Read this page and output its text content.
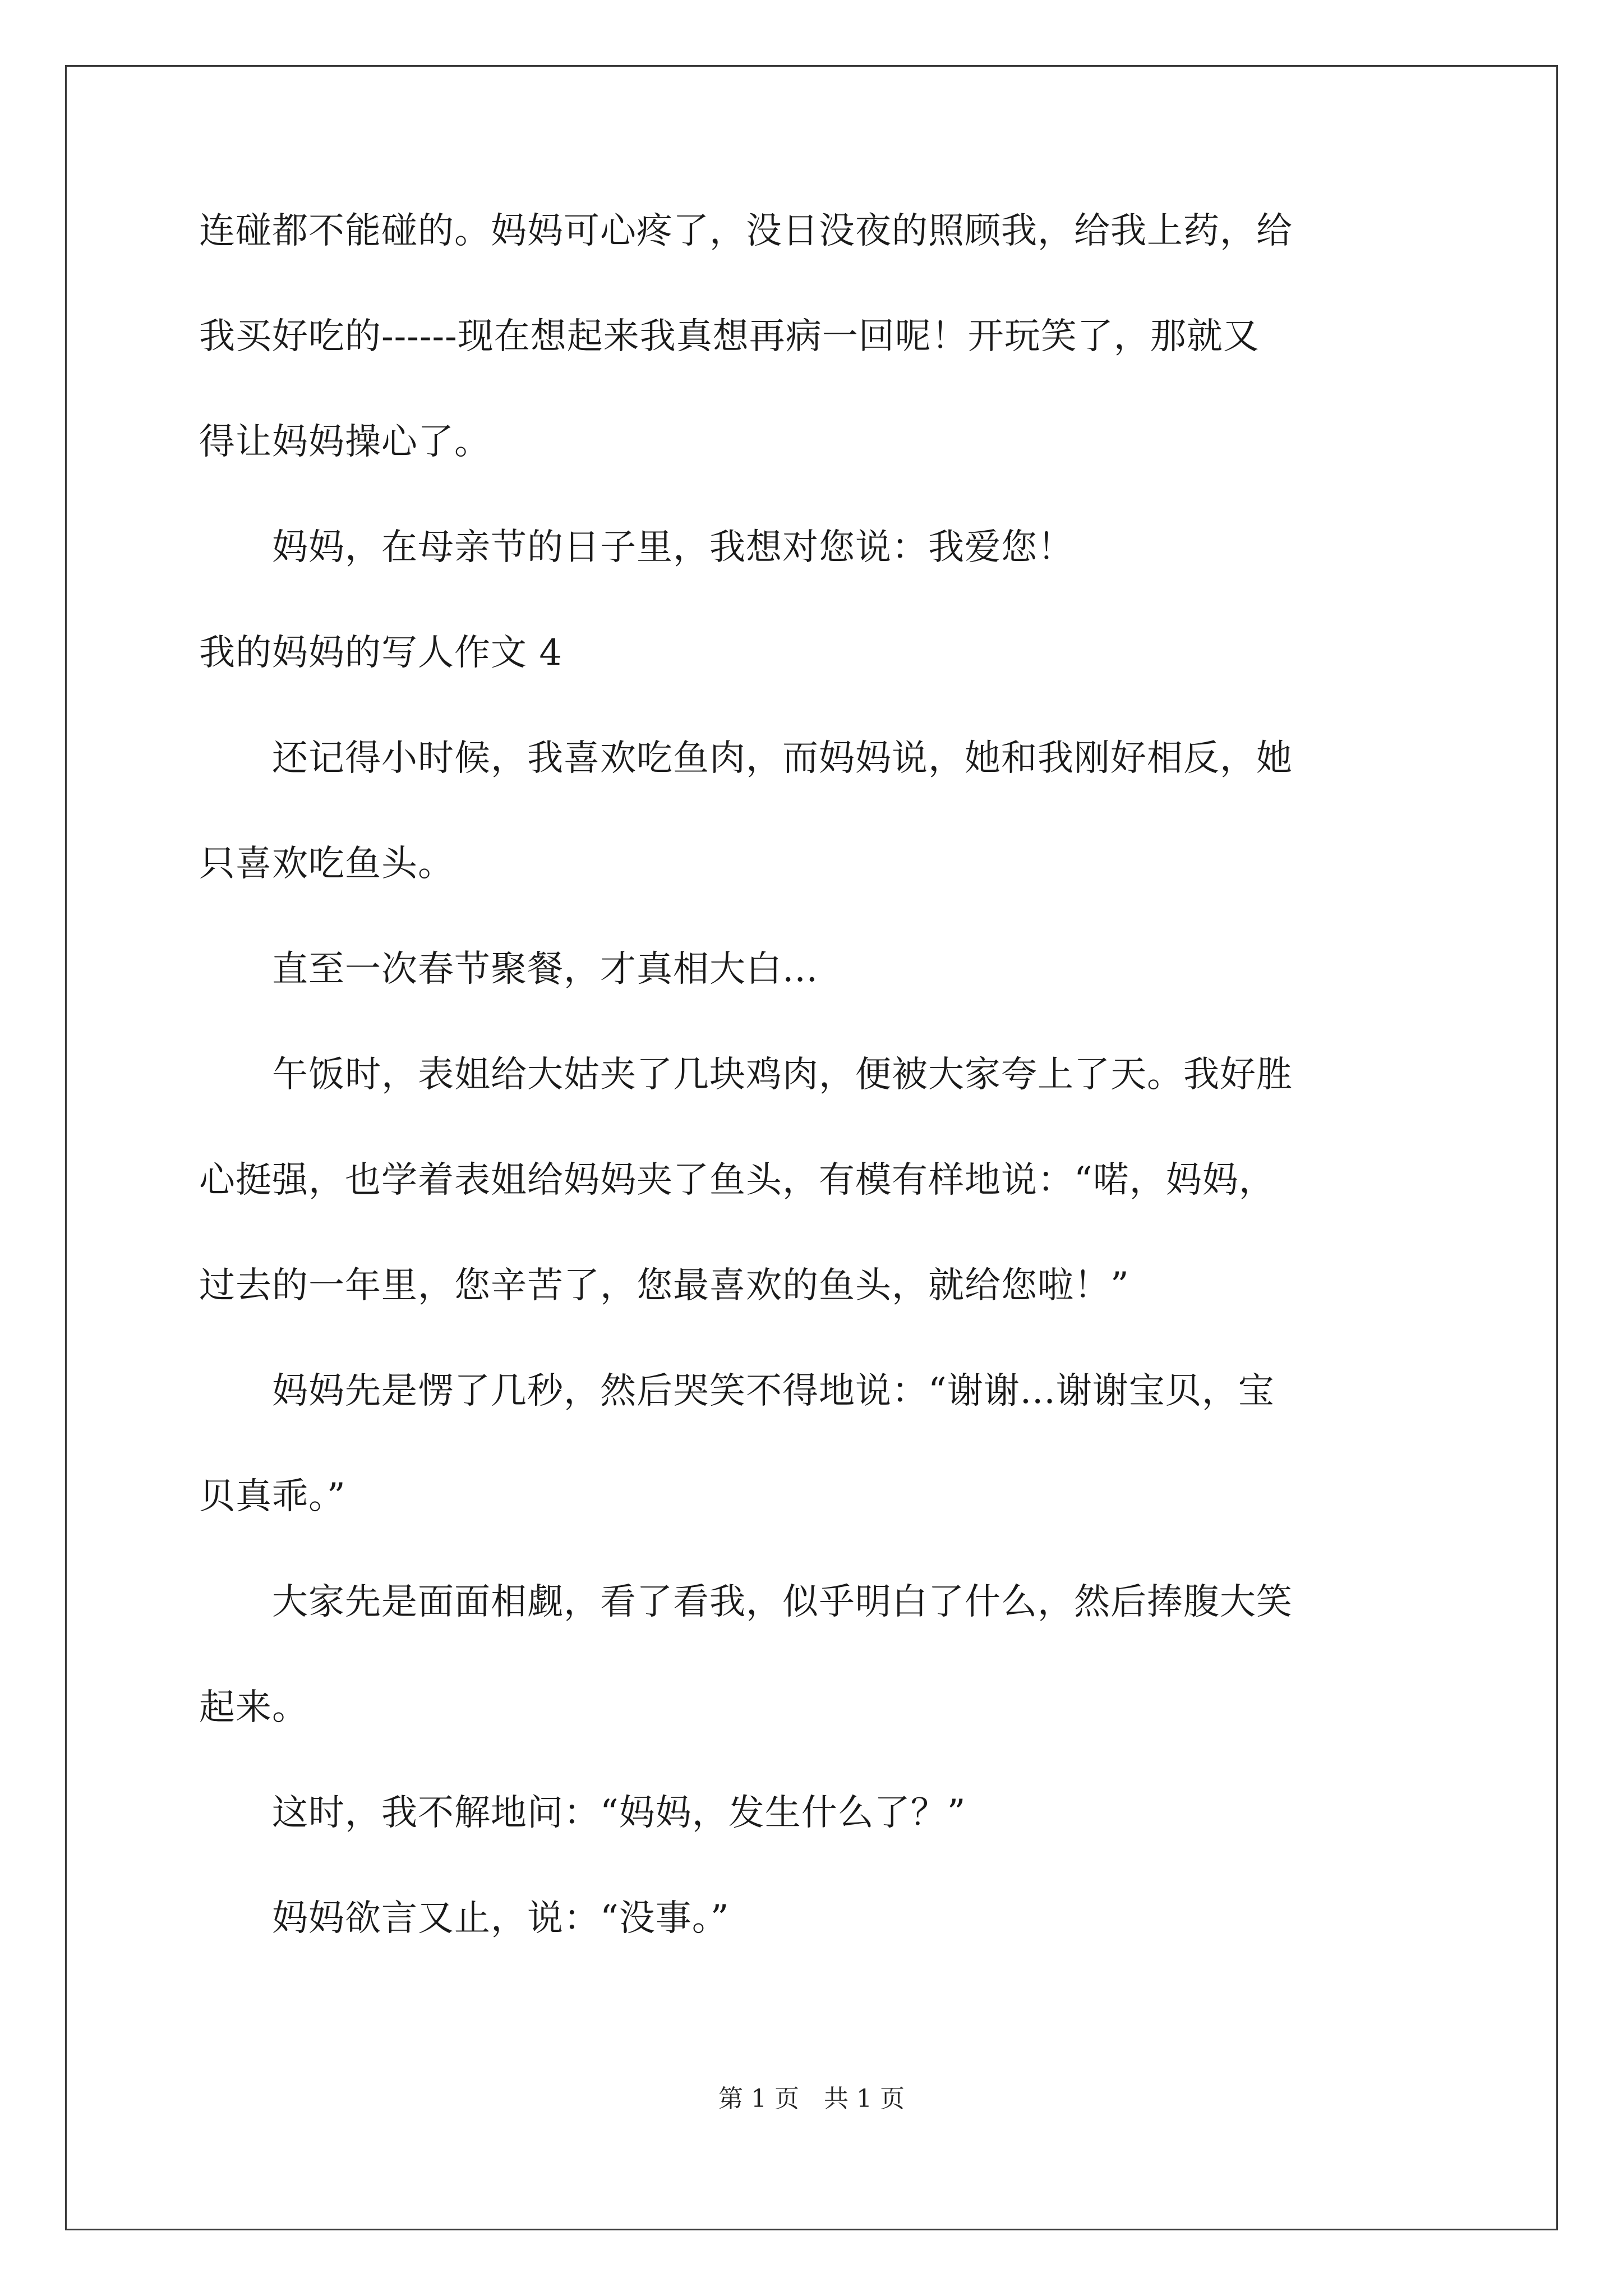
连碰都不能碰的。妈妈可心疼了，没日没夜的照顾我，给我上药，给

我买好吃的------现在想起来我真想再病一回呢！开玩笑了，那就又

得让妈妈操心了。

　　妈妈，在母亲节的日子里，我想对您说：我爱您！

我的妈妈的写人作文 4

　　还记得小时候，我喜欢吃鱼肉，而妈妈说，她和我刚好相反，她

只喜欢吃鱼头。

　　直至一次春节聚餐，才真相大白...

　　午饭时，表姐给大姑夹了几块鸡肉，便被大家夸上了天。我好胜

心挺强，也学着表姐给妈妈夹了鱼头，有模有样地说：“喏，妈妈，

过去的一年里，您辛苦了，您最喜欢的鱼头，就给您啦！”

　　妈妈先是愣了几秒，然后哭笑不得地说：“谢谢...谢谢宝贝，宝

贝真乖。”

　　大家先是面面相觑，看了看我，似乎明白了什么，然后捧腹大笑

起来。

　　这时，我不解地问：“妈妈，发生什么了？”

　　妈妈欲言又止，说：“没事。”

第 1 页　共 1 页
